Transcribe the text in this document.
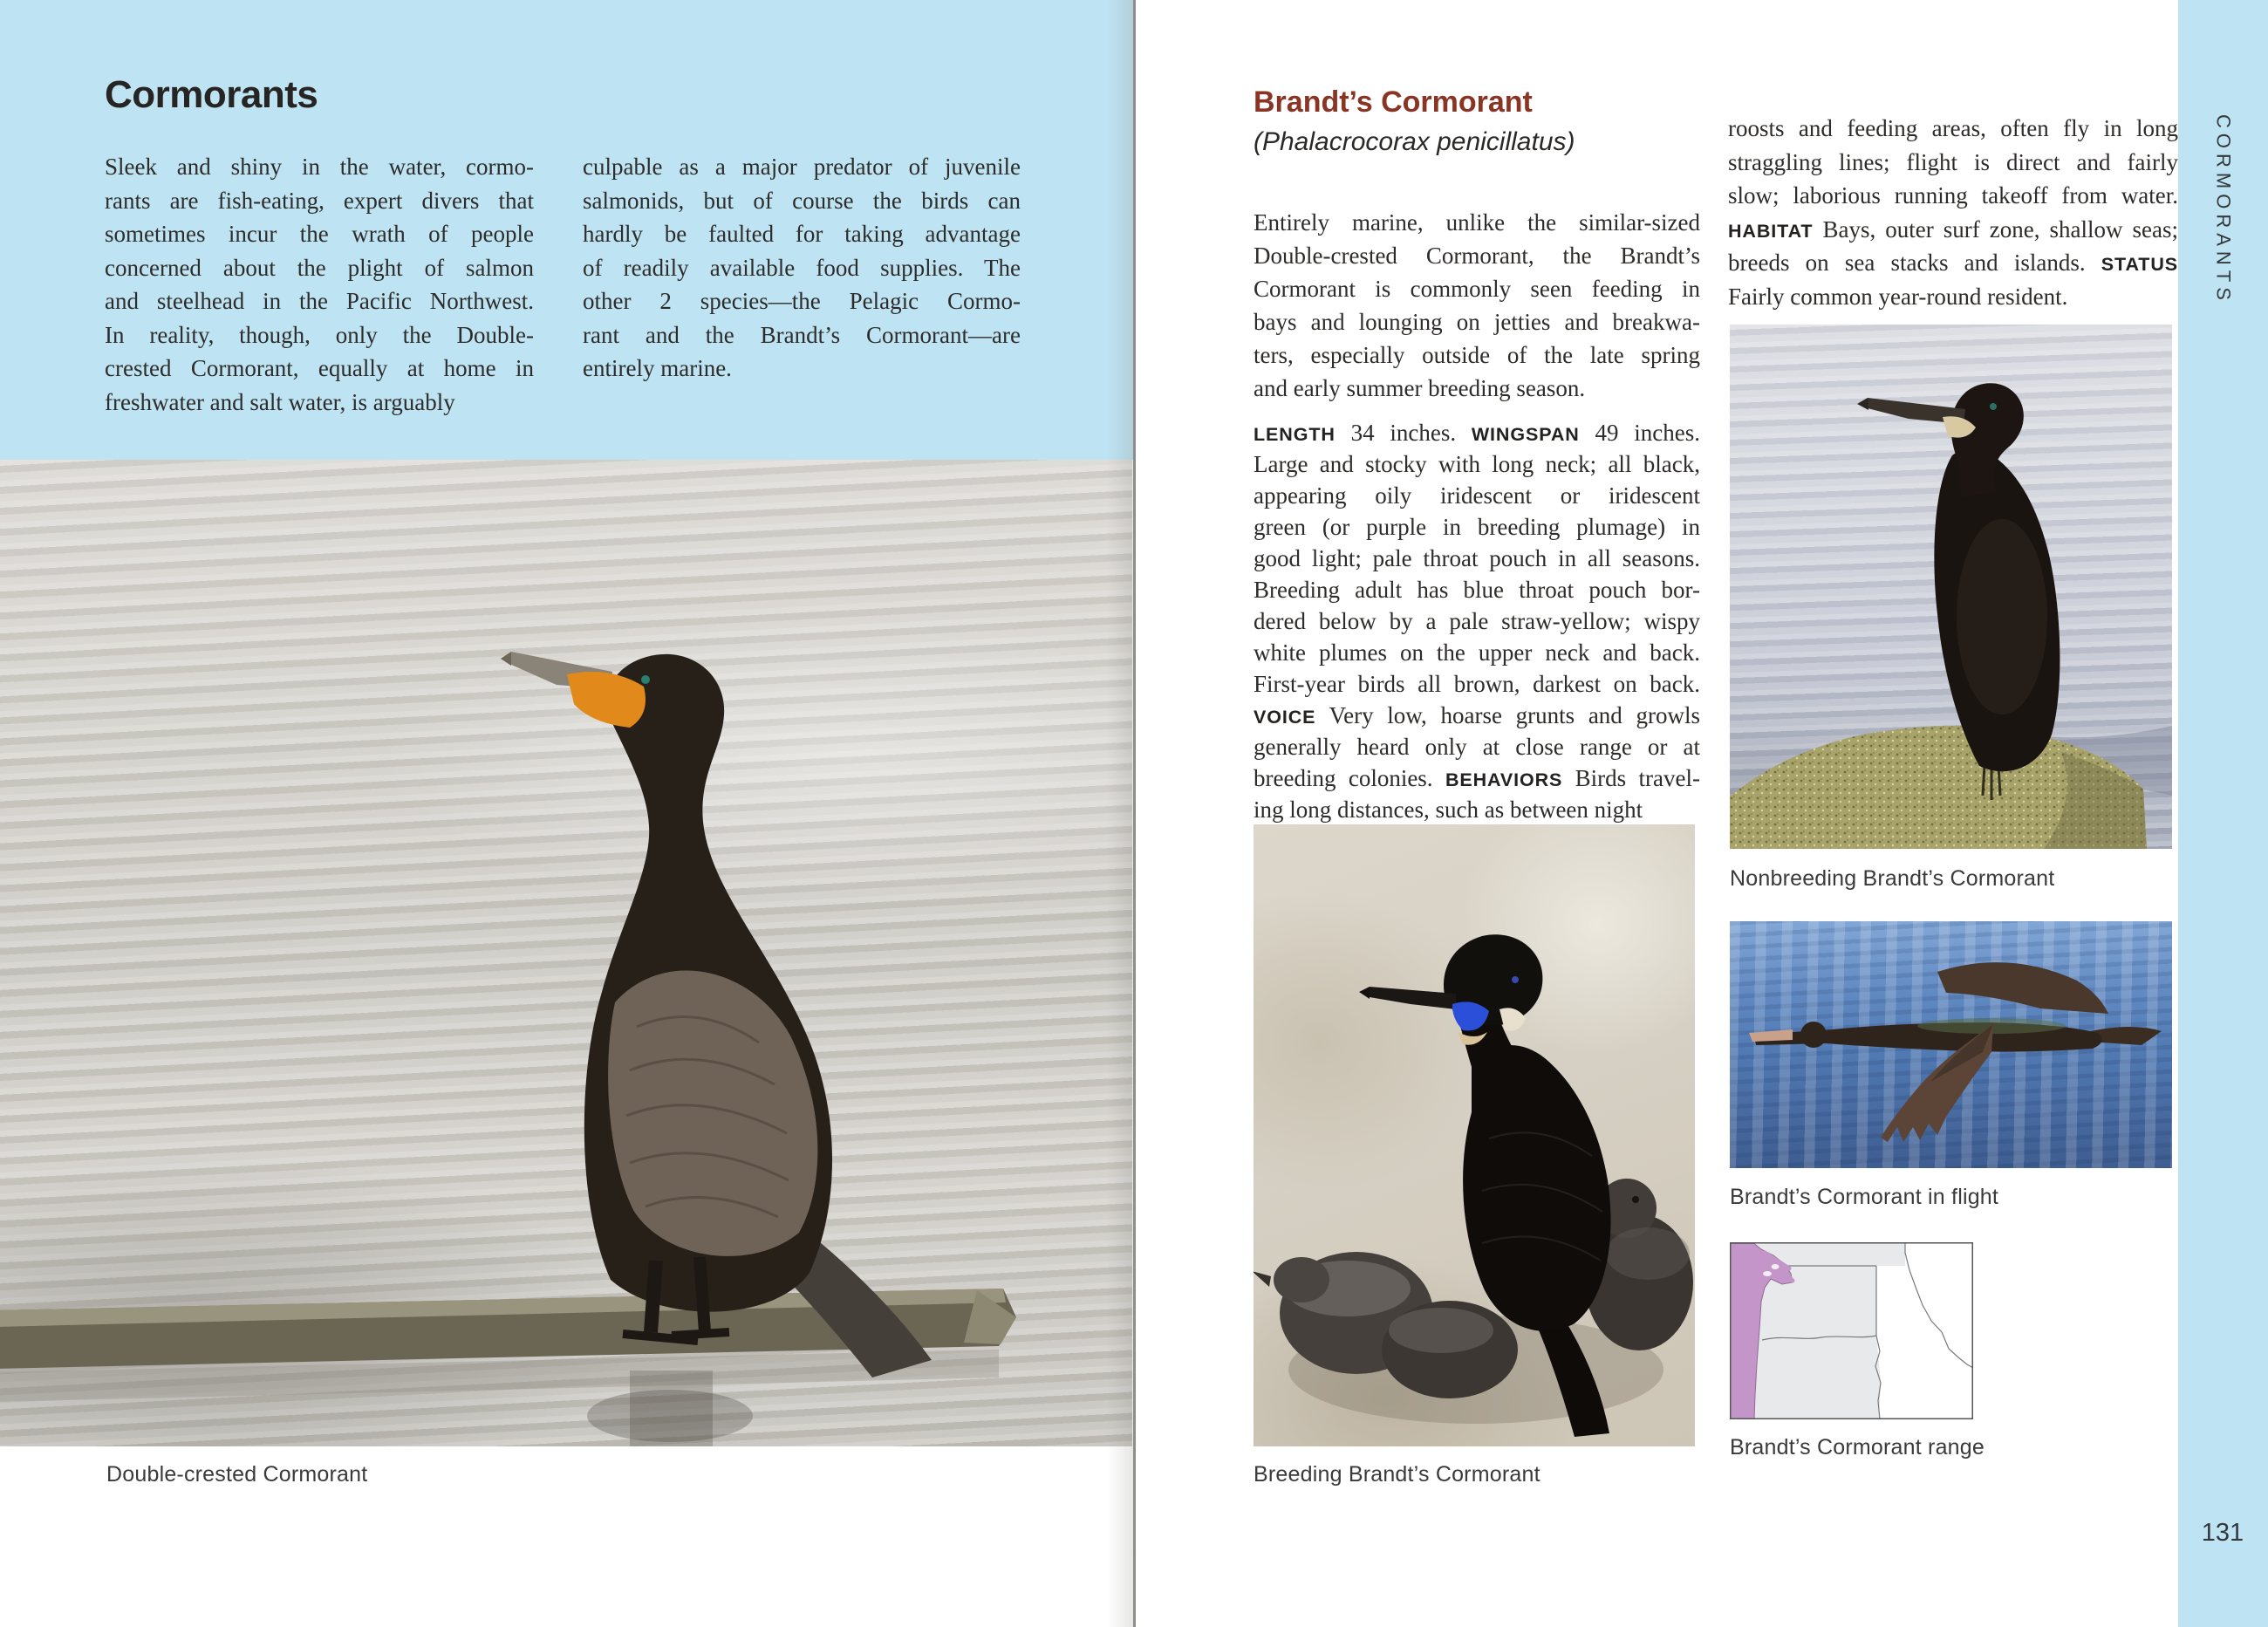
Cormorants
Sleek and shiny in the water, cormo-
rants are fish-eating, expert divers that
sometimes incur the wrath of people
concerned about the plight of salmon
and steelhead in the Pacific Northwest.
In reality, though, only the Double-
crested Cormorant, equally at home in
freshwater and salt water, is arguably
culpable as a major predator of juvenile
salmonids, but of course the birds can
hardly be faulted for taking advantage
of readily available food supplies. The
other 2 species—the Pelagic Cormo-
rant and the Brandt’s Cormorant—are
entirely marine.
Double-crested Cormorant
Brandt’s Cormorant
(Phalacrocorax penicillatus)
Entirely marine, unlike the similar-sized
Double-crested Cormorant, the Brandt’s
Cormorant is commonly seen feeding in
bays and lounging on jetties and breakwa-
ters, especially outside of the late spring
and early summer breeding season.
LENGTH 34 inches. WINGSPAN 49 inches.
Large and stocky with long neck; all black,
appearing oily iridescent or iridescent
green (or purple in breeding plumage) in
good light; pale throat pouch in all seasons.
Breeding adult has blue throat pouch bor-
dered below by a pale straw-yellow; wispy
white plumes on the upper neck and back.
First-year birds all brown, darkest on back.
VOICE Very low, hoarse grunts and growls
generally heard only at close range or at
breeding colonies. BEHAVIORS Birds travel-
ing long distances, such as between night
roosts and feeding areas, often fly in long
straggling lines; flight is direct and fairly
slow; laborious running takeoff from water.
HABITAT Bays, outer surf zone, shallow seas;
breeds on sea stacks and islands. STATUS
Fairly common year-round resident.
Breeding Brandt’s Cormorant
Nonbreeding Brandt’s Cormorant
Brandt’s Cormorant in flight
Brandt’s Cormorant range
CORMORANTS
131
